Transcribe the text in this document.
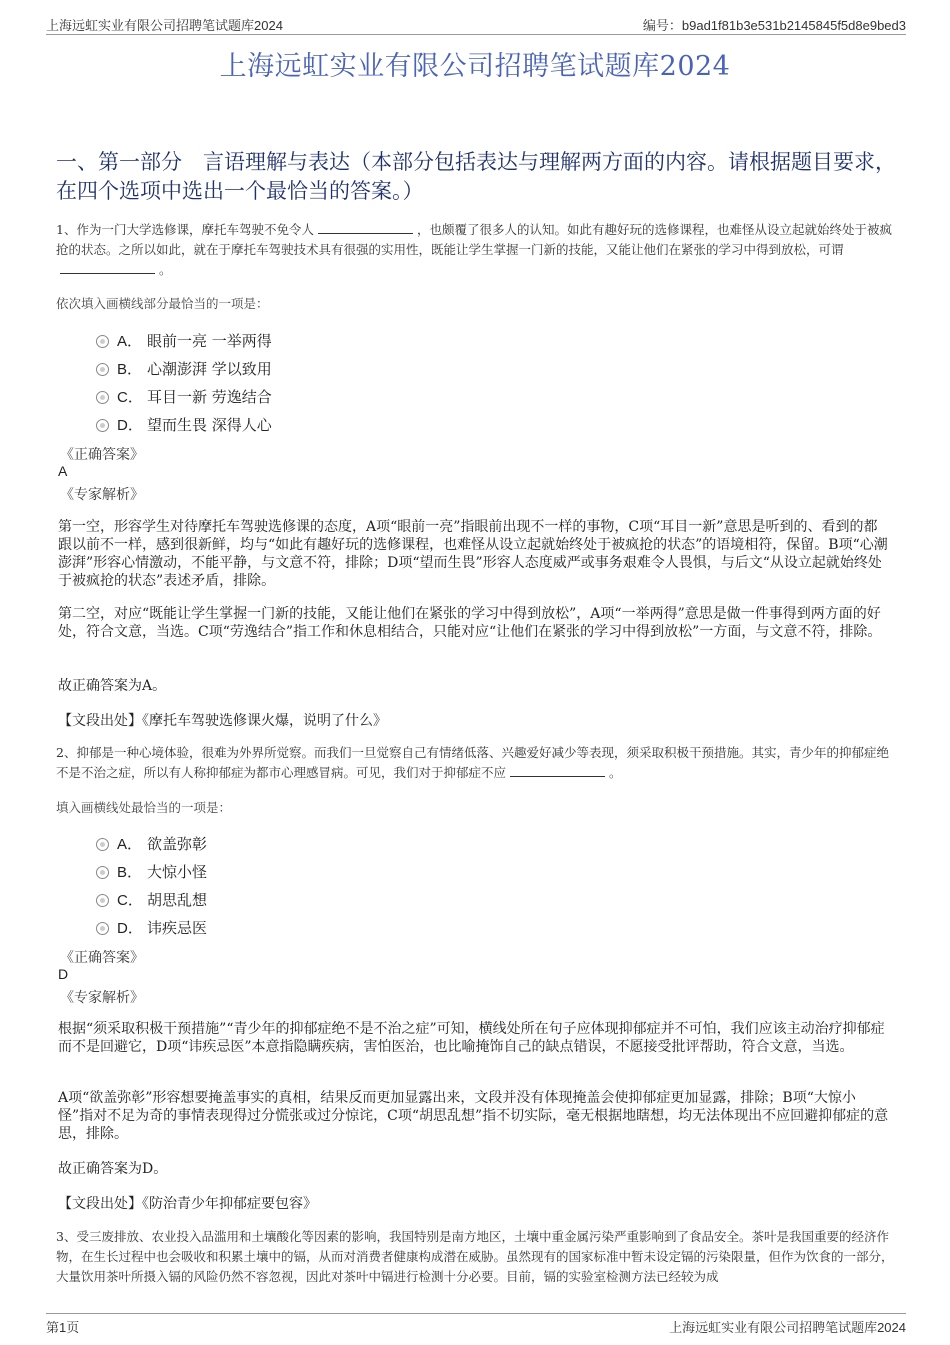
上海远虹实业有限公司招聘笔试题库2024	编号：b9ad1f81b3e531b2145845f5d8e9bed3
上海远虹实业有限公司招聘笔试题库2024
一、第一部分　言语理解与表达（本部分包括表达与理解两方面的内容。请根据题目要求，在四个选项中选出一个最恰当的答案。）
1、作为一门大学选修课，摩托车驾驶不免令人	，也颇覆了很多人的认知。如此有趣好玩的选修课程，也难怪从设立起就始终处于被疯抢的状态。之所以如此，就在于摩托车驾驶技术具有很强的实用性，既能让学生掌握一门新的技能，又能让他们在紧张的学习中得到放松，可谓。
依次填入画横线部分最恰当的一项是：
A． 眼前一亮 一举两得
B． 心潮澎湃 学以致用
C． 耳目一新 劳逸结合
D． 望而生畏 深得人心
《正确答案》
A
《专家解析》
第一空，形容学生对待摩托车驾驶选修课的态度，A项“眼前一亮”指眼前出现不一样的事物，C项“耳目一新”意思是听到的、看到的都跟以前不一样，感到很新鲜，均与“如此有趣好玩的选修课程，也难怪从设立起就始终处于被疯抢的状态”的语境相符，保留。B项“心潮澎湃”形容心情激动，不能平静，与文意不符，排除；D项“望而生畏”形容人态度威严或事务艰难令人畏惧，与后文“从设立起就始终处于被疯抢的状态”表述矛盾，排除。
第二空，对应“既能让学生掌握一门新的技能，又能让他们在紧张的学习中得到放松”，A项“一举两得”意思是做一件事得到两方面的好处，符合文意，当选。C项“劳逸结合”指工作和休息相结合，只能对应“让他们在紧张的学习中得到放松”一方面，与文意不符，排除。
故正确答案为A。
【文段出处】《摩托车驾驶选修课火爆，说明了什么》
2、抑郁是一种心境体验，很难为外界所觉察。而我们一旦觉察自己有情绪低落、兴趣爱好减少等表现，须采取积极干预措施。其实，青少年的抑郁症绝不是不治之症，所以有人称抑郁症为都市心理感冒病。可见，我们对于抑郁症不应	。
填入画横线处最恰当的一项是：
A． 欲盖弥彰
B． 大惊小怪
C． 胡思乱想
D． 讳疾忌医
《正确答案》
D
《专家解析》
根据“须采取积极干预措施”“青少年的抑郁症绝不是不治之症”可知，横线处所在句子应体现抑郁症并不可怕，我们应该主动治疗抑郁症而不是回避它，D项“讳疾忌医”本意指隐瞒疾病，害怕医治，也比喻掩饰自己的缺点错误，不愿接受批评帮助，符合文意，当选。
A项“欲盖弥彰”形容想要掩盖事实的真相，结果反而更加显露出来，文段并没有体现掩盖会使抑郁症更加显露，排除；B项“大惊小怪”指对不足为奇的事情表现得过分慌张或过分惊诧，C项“胡思乱想”指不切实际，毫无根据地瞎想，均无法体现出不应回避抑郁症的意思，排除。
故正确答案为D。
【文段出处】《防治青少年抑郁症要包容》
3、受三废排放、农业投入品滥用和土壤酸化等因素的影响，我国特别是南方地区，土壤中重金属污染严重影响到了食品安全。茶叶是我国重要的经济作物，在生长过程中也会吸收和积累土壤中的镉，从而对消费者健康构成潜在威胁。虽然现有的国家标准中暂未设定镉的污染限量，但作为饮食的一部分，大量饮用茶叶所摄入镉的风险仍然不容忽视，因此对茶叶中镉进行检测十分必要。目前，镉的实验室检测方法已经较为成
第1页	上海远虹实业有限公司招聘笔试题库2024
